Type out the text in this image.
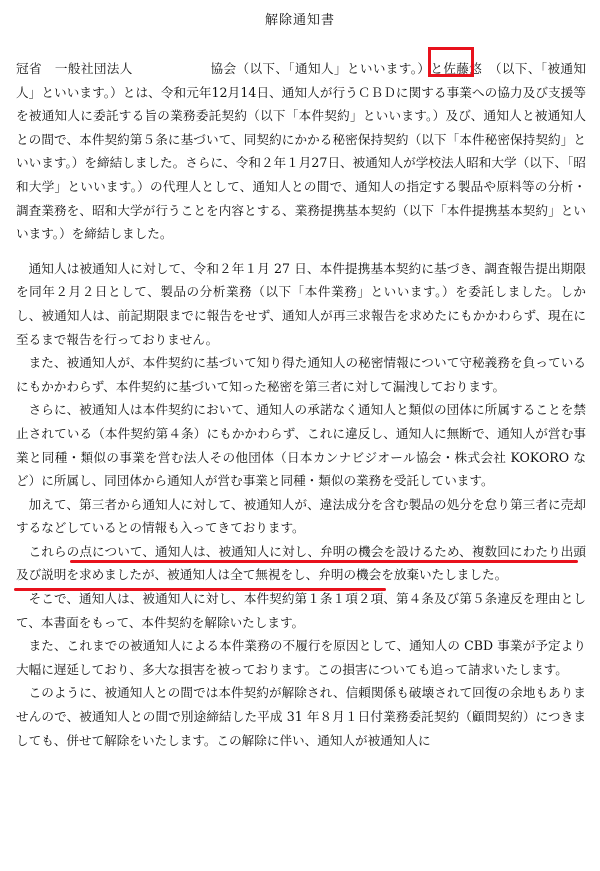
解除通知書

冠省　一般社団法人　　　　　　協会（以下、「通知人」といいます。）と佐藤悠　（以下、「被通知人」といいます。）とは、令和元年12月14日、通知人が行うＣＢＤに関する事業への協力及び支援等を被通知人に委託する旨の業務委託契約（以下「本件契約」といいます。）及び、通知人と被通知人との間で、本件契約第５条に基づいて、同契約にかかる秘密保持契約（以下「本件秘密保持契約」といいます。）を締結しました。さらに、令和２年１月27日、被通知人が学校法人昭和大学（以下、「昭和大学」といいます。）の代理人として、通知人との間で、通知人の指定する製品や原料等の分析・調査業務を、昭和大学が行うことを内容とする、業務提携基本契約（以下「本件提携基本契約」といいます。）を締結しました。

通知人は被通知人に対して、令和２年１月 27 日、本件提携基本契約に基づき、調査報告提出期限を同年２月２日として、製品の分析業務（以下「本件業務」といいます。）を委託しました。しかし、被通知人は、前記期限までに報告をせず、通知人が再三求報告を求めたにもかかわらず、現在に至るまで報告を行っておりません。

また、被通知人が、本件契約に基づいて知り得た通知人の秘密情報について守秘義務を負っているにもかかわらず、本件契約に基づいて知った秘密を第三者に対して漏洩しております。

さらに、被通知人は本件契約において、通知人の承諾なく通知人と類似の団体に所属することを禁止されている（本件契約第４条）にもかかわらず、これに違反し、通知人に無断で、通知人が営む事業と同種・類似の事業を営む法人その他団体（日本カンナビジオール協会・株式会社 KOKORO など）に所属し、同団体から通知人が営む事業と同種・類似の業務を受託しています。

加えて、第三者から通知人に対して、被通知人が、違法成分を含む製品の処分を怠り第三者に売却するなどしているとの情報も入ってきております。

これらの点について、通知人は、被通知人に対し、弁明の機会を設けるため、複数回にわたり出頭及び説明を求めましたが、被通知人は全て無視をし、弁明の機会を放棄いたしました。

そこで、通知人は、被通知人に対し、本件契約第１条１項２項、第４条及び第５条違反を理由として、本書面をもって、本件契約を解除いたします。

また、これまでの被通知人による本件業務の不履行を原因として、通知人の CBD 事業が予定より大幅に遅延しており、多大な損害を被っております。この損害についても追って請求いたします。

このように、被通知人との間では本件契約が解除され、信頼関係も破壊されて回復の余地もありませんので、被通知人との間で別途締結した平成 31 年８月１日付業務委託契約（顧問契約）につきましても、併せて解除をいたします。この解除に伴い、通知人が被通知人に
